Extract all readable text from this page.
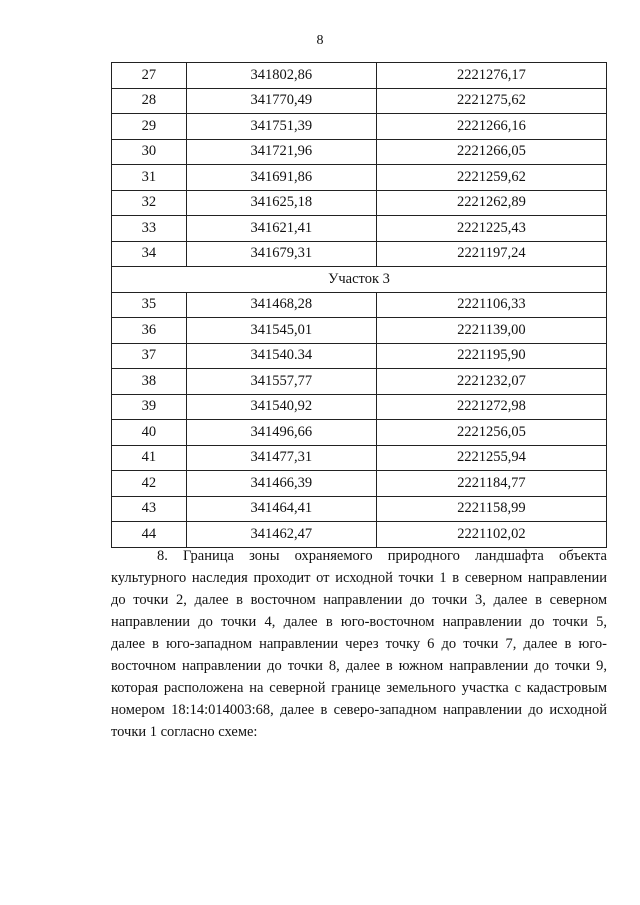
8
27	341802,86	2221276,17
28	341770,49	2221275,62
29	341751,39	2221266,16
30	341721,96	2221266,05
31	341691,86	2221259,62
32	341625,18	2221262,89
33	341621,41	2221225,43
34	341679,31	2221197,24
Участок 3		
35	341468,28	2221106,33
36	341545,01	2221139,00
37	341540.34	2221195,90
38	341557,77	2221232,07
39	341540,92	2221272,98
40	341496,66	2221256,05
41	341477,31	2221255,94
42	341466,39	2221184,77
43	341464,41	2221158,99
44	341462,47	2221102,02
8. Граница зоны охраняемого природного ландшафта объекта
культурного наследия проходит от исходной точки 1 в северном направлении
до точки 2, далее в восточном направлении до точки 3, далее в северном
направлении до точки 4, далее в юго-восточном направлении до точки 5,
далее в юго-западном направлении через точку 6 до точки 7, далее в юго-
восточном направлении до точки 8, далее в южном направлении до точки 9,
которая расположена на северной границе земельного участка с кадастровым
номером 18:14:014003:68, далее в северо-западном направлении до исходной
точки 1 согласно схеме:
